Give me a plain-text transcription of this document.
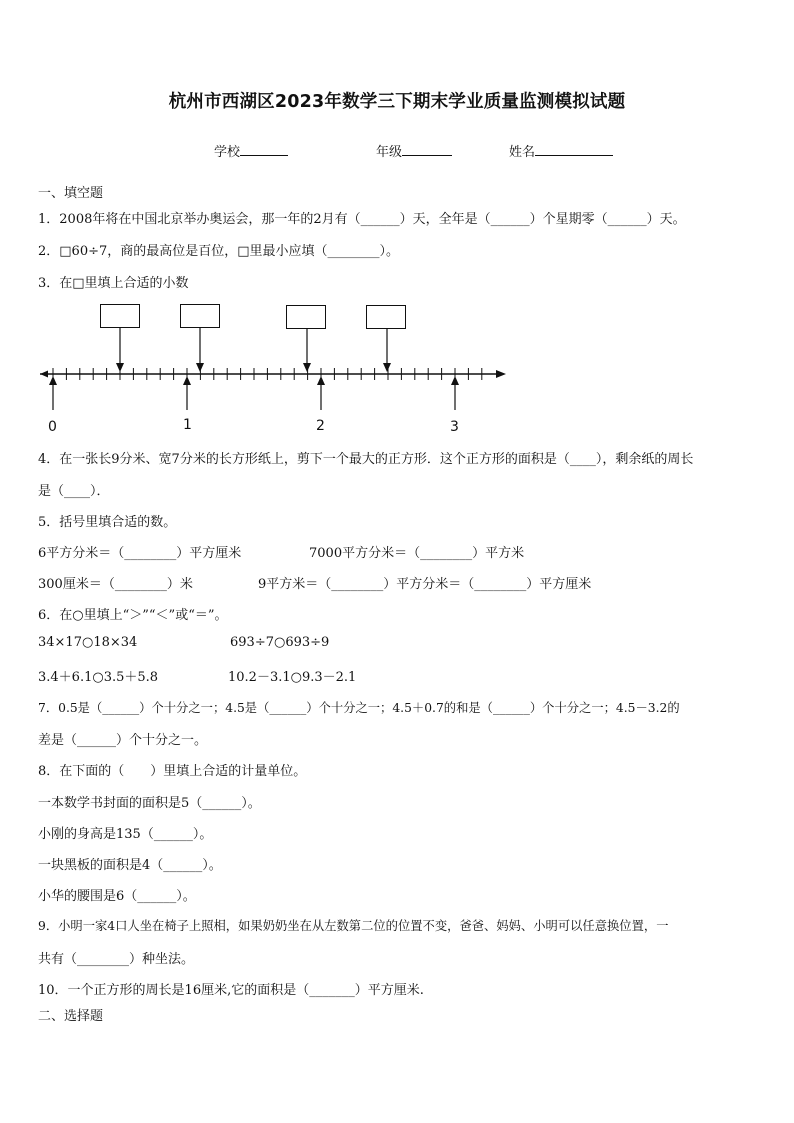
杭州市西湖区2023年数学三下期末学业质量监测模拟试题
学校	年级	姓名
一、填空题
1．2008年将在中国北京举办奥运会，那一年的2月有（______）天，全年是（______）个星期零（______）天。
2．□60÷7，商的最高位是百位，□里最小应填（________）。
3．在□里填上合适的小数
0	1	2	3
4．在一张长9分米、宽7分米的长方形纸上，剪下一个最大的正方形．这个正方形的面积是（____），剩余纸的周长
是（____）．
5．括号里填合适的数。
6平方分米＝（________）平方厘米	7000平方分米＝（________）平方米
300厘米＝（________）米	9平方米＝（________）平方分米＝（________）平方厘米
6．在○里填上“＞”“＜”或“＝”。
34×17○18×34	693÷7○693÷9
3.4＋6.1○3.5＋5.8	10.2－3.1○9.3－2.1
7．0.5是（______）个十分之一；4.5是（______）个十分之一；4.5＋0.7的和是（______）个十分之一；4.5－3.2的
差是（______）个十分之一。
8．在下面的（　　）里填上合适的计量单位。
一本数学书封面的面积是5（______）。
小刚的身高是135（______）。
一块黑板的面积是4（______）。
小华的腰围是6（______）。
9．小明一家4口人坐在椅子上照相，如果奶奶坐在从左数第二位的位置不变，爸爸、妈妈、小明可以任意换位置，一
共有（________）种坐法。
10．一个正方形的周长是16厘米,它的面积是（_______）平方厘米.
二、选择题
